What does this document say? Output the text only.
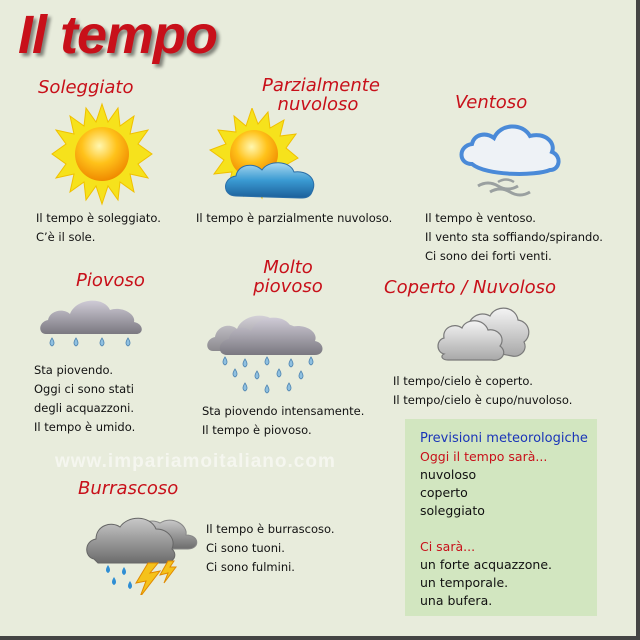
Il tempo
Soleggiato
Il tempo è soleggiato.
C’è il sole.
Parzialmente
nuvoloso
Il tempo è parzialmente nuvoloso.
Ventoso
Il tempo è ventoso.
Il vento sta soffiando/spirando.
Ci sono dei forti venti.
Piovoso
Sta piovendo.
Oggi ci sono stati
degli acquazzoni.
Il tempo è umido.
Molto
piovoso
Sta piovendo intensamente.
Il tempo è piovoso.
Coperto / Nuvoloso
Il tempo/cielo è coperto.
Il tempo/cielo è cupo/nuvoloso.
www.impariamoitaliano.com
Burrascoso
Il tempo è burrascoso.
Ci sono tuoni.
Ci sono fulmini.
Previsioni meteorologiche
Oggi il tempo sarà...
nuvoloso
coperto
soleggiato
Ci sarà...
un forte acquazzone.
un temporale.
una bufera.
